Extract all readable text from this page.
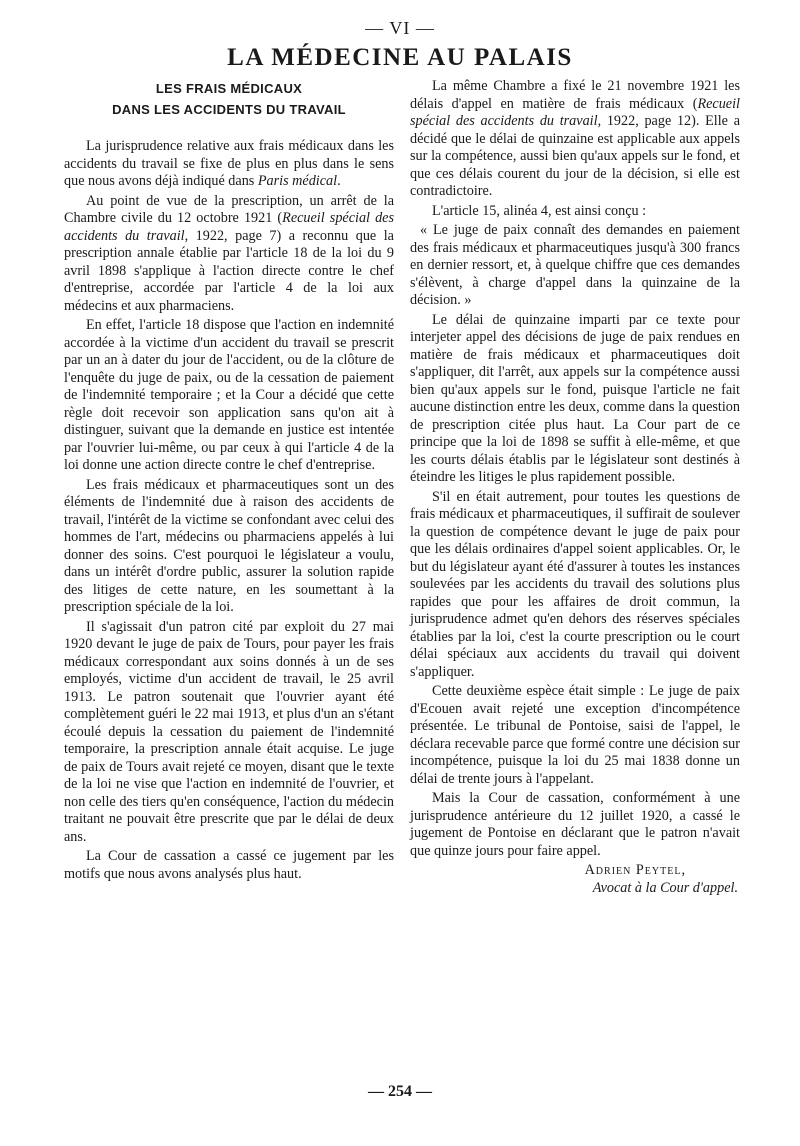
— VI —
LA MÉDECINE AU PALAIS
LES FRAIS MÉDICAUX
DANS LES ACCIDENTS DU TRAVAIL

La jurisprudence relative aux frais médicaux dans les accidents du travail se fixe de plus en plus dans le sens que nous avons déjà indiqué dans Paris médical.

Au point de vue de la prescription, un arrêt de la Chambre civile du 12 octobre 1921 (Recueil spécial des accidents du travail, 1922, page 7) a reconnu que la prescription annale établie par l'article 18 de la loi du 9 avril 1898 s'applique à l'action directe contre le chef d'entreprise, accordée par l'article 4 de la loi aux médecins et aux pharmaciens.

En effet, l'article 18 dispose que l'action en indemnité accordée à la victime d'un accident du travail se prescrit par un an à dater du jour de l'accident, ou de la clôture de l'enquête du juge de paix, ou de la cessation de paiement de l'indemnité temporaire ; et la Cour a décidé que cette règle doit recevoir son application sans qu'on ait à distinguer, suivant que la demande en justice est intentée par l'ouvrier lui-même, ou par ceux à qui l'article 4 de la loi donne une action directe contre le chef d'entreprise.

Les frais médicaux et pharmaceutiques sont un des éléments de l'indemnité due à raison des accidents de travail, l'intérêt de la victime se confondant avec celui des hommes de l'art, médecins ou pharmaciens appelés à lui donner des soins. C'est pourquoi le législateur a voulu, dans un intérêt d'ordre public, assurer la solution rapide des litiges de cette nature, en les soumettant à la prescription spéciale de la loi.

Il s'agissait d'un patron cité par exploit du 27 mai 1920 devant le juge de paix de Tours, pour payer les frais médicaux correspondant aux soins donnés à un de ses employés, victime d'un accident de travail, le 25 avril 1913. Le patron soutenait que l'ouvrier ayant été complètement guéri le 22 mai 1913, et plus d'un an s'étant écoulé depuis la cessation du paiement de l'indemnité temporaire, la prescription annale était acquise. Le juge de paix de Tours avait rejeté ce moyen, disant que le texte de la loi ne vise que l'action en indemnité de l'ouvrier, et non celle des tiers qu'en conséquence, l'action du médecin traitant ne pouvait être prescrite que par le délai de deux ans.

La Cour de cassation a cassé ce jugement par les motifs que nous avons analysés plus haut.

La même Chambre a fixé le 21 novembre 1921 les délais d'appel en matière de frais médicaux (Recueil spécial des accidents du travail, 1922, page 12). Elle a décidé que le délai de quinzaine est applicable aux appels sur la compétence, aussi bien qu'aux appels sur le fond, et que ces délais courent du jour de la décision, si elle est contradictoire.

L'article 15, alinéa 4, est ainsi conçu :

« Le juge de paix connaît des demandes en paiement des frais médicaux et pharmaceutiques jusqu'à 300 francs en dernier ressort, et, à quelque chiffre que ces demandes s'élèvent, à charge d'appel dans la quinzaine de la décision. »

Le délai de quinzaine imparti par ce texte pour interjeter appel des décisions de juge de paix rendues en matière de frais médicaux et pharmaceutiques doit s'appliquer, dit l'arrêt, aux appels sur la compétence aussi bien qu'aux appels sur le fond, puisque l'article ne fait aucune distinction entre les deux, comme dans la question de prescription citée plus haut. La Cour part de ce principe que la loi de 1898 se suffit à elle-même, et que les courts délais établis par le législateur sont destinés à éteindre les litiges le plus rapidement possible.

S'il en était autrement, pour toutes les questions de frais médicaux et pharmaceutiques, il suffirait de soulever la question de compétence devant le juge de paix pour que les délais ordinaires d'appel soient applicables. Or, le but du législateur ayant été d'assurer à toutes les instances soulevées par les accidents du travail des solutions plus rapides que pour les affaires de droit commun, la jurisprudence admet qu'en dehors des réserves spéciales établies par la loi, c'est la courte prescription ou le court délai spéciaux aux accidents du travail qui doivent s'appliquer.

Cette deuxième espèce était simple : Le juge de paix d'Ecouen avait rejeté une exception d'incompétence présentée. Le tribunal de Pontoise, saisi de l'appel, le déclara recevable parce que formé contre une décision sur incompétence, puisque la loi du 25 mai 1838 donne un délai de trente jours à l'appelant.

Mais la Cour de cassation, conformément à une jurisprudence antérieure du 12 juillet 1920, a cassé le jugement de Pontoise en déclarant que le patron n'avait que quinze jours pour faire appel.

Adrien Peytel,
Avocat à la Cour d'appel.
— 254 —
